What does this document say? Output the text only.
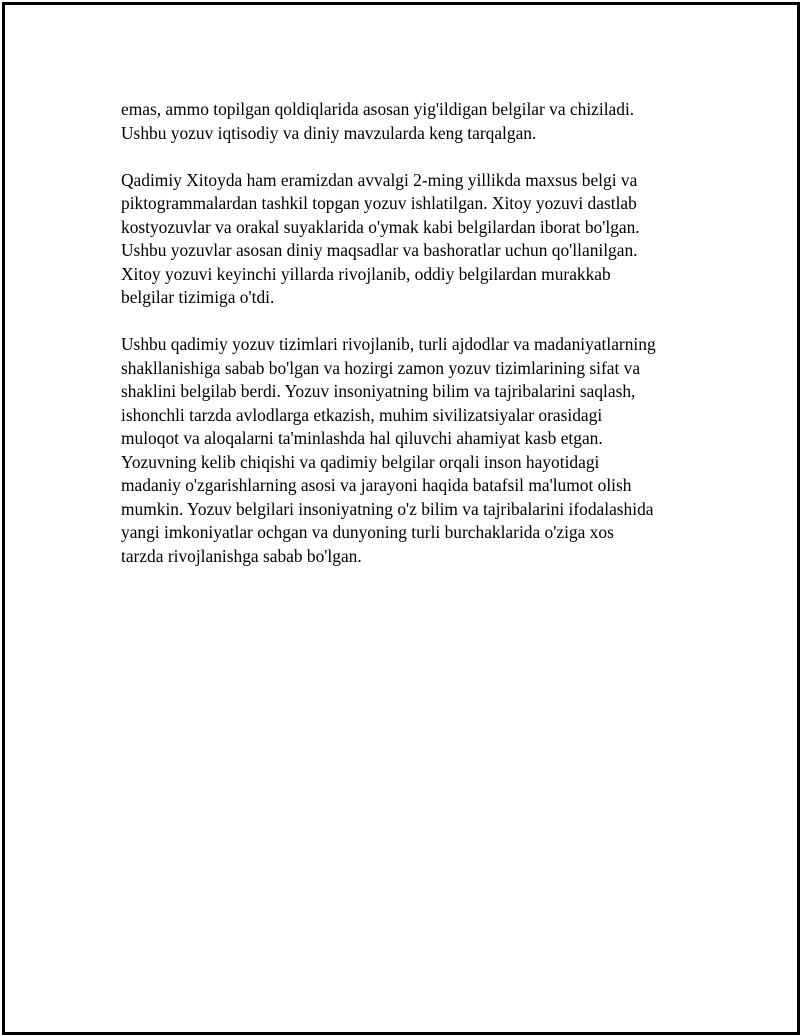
emas, ammo topilgan qoldiqlarida asosan yig'ildigan belgilar va chiziladi.
Ushbu yozuv iqtisodiy va diniy mavzularda keng tarqalgan.

Qadimiy Xitoyda ham eramizdan avvalgi 2-ming yillikda maxsus belgi va
piktogrammalardan tashkil topgan yozuv ishlatilgan. Xitoy yozuvi dastlab
kostyozuvlar va orakal suyaklarida o'ymak kabi belgilardan iborat bo'lgan.
Ushbu yozuvlar asosan diniy maqsadlar va bashoratlar uchun qo'llanilgan.
Xitoy yozuvi keyinchi yillarda rivojlanib, oddiy belgilardan murakkab
belgilar tizimiga o'tdi.

Ushbu qadimiy yozuv tizimlari rivojlanib, turli ajdodlar va madaniyatlarning
shakllanishiga sabab bo'lgan va hozirgi zamon yozuv tizimlarining sifat va
shaklini belgilab berdi. Yozuv insoniyatning bilim va tajribalarini saqlash,
ishonchli tarzda avlodlarga etkazish, muhim sivilizatsiyalar orasidagi
muloqot va aloqalarni ta'minlashda hal qiluvchi ahamiyat kasb etgan.
Yozuvning kelib chiqishi va qadimiy belgilar orqali inson hayotidagi
madaniy o'zgarishlarning asosi va jarayoni haqida batafsil ma'lumot olish
mumkin. Yozuv belgilari insoniyatning o'z bilim va tajribalarini ifodalashida
yangi imkoniyatlar ochgan va dunyoning turli burchaklarida o'ziga xos
tarzda rivojlanishga sabab bo'lgan.
